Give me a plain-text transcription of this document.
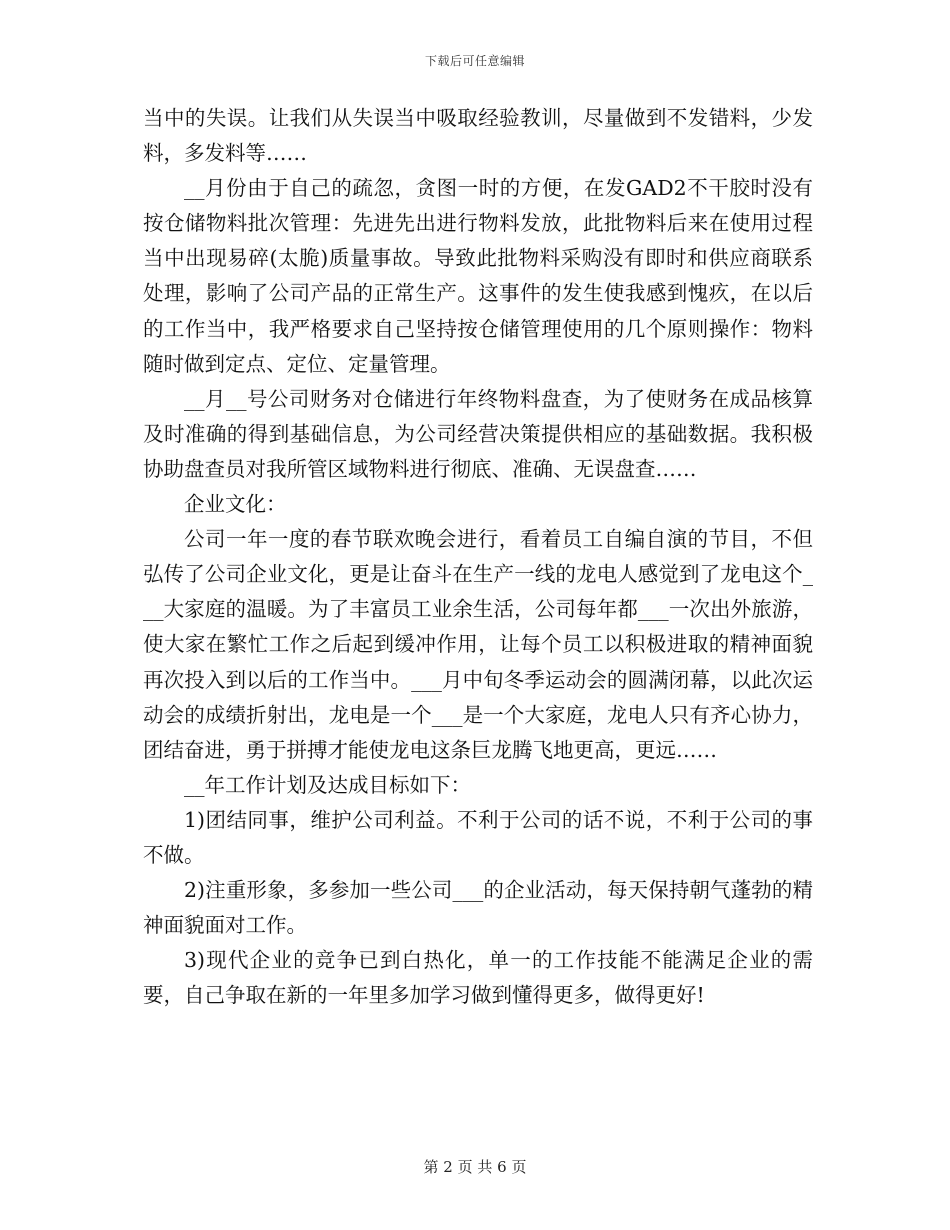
下载后可任意编辑

当中的失误。让我们从失误当中吸取经验教训，尽量做到不发错料，少发料，多发料等……

__月份由于自己的疏忽，贪图一时的方便，在发GAD2不干胶时没有按仓储物料批次管理：先进先出进行物料发放，此批物料后来在使用过程当中出现易碎(太脆)质量事故。导致此批物料采购没有即时和供应商联系处理，影响了公司产品的正常生产。这事件的发生使我感到愧疚，在以后的工作当中，我严格要求自己坚持按仓储管理使用的几个原则操作：物料随时做到定点、定位、定量管理。

__月__号公司财务对仓储进行年终物料盘查，为了使财务在成品核算及时准确的得到基础信息，为公司经营决策提供相应的基础数据。我积极协助盘查员对我所管区域物料进行彻底、准确、无误盘查……

企业文化：

公司一年一度的春节联欢晚会进行，看着员工自编自演的节目，不但弘传了公司企业文化，更是让奋斗在生产一线的龙电人感觉到了龙电这个___大家庭的温暖。为了丰富员工业余生活，公司每年都___一次出外旅游，使大家在繁忙工作之后起到缓冲作用，让每个员工以积极进取的精神面貌再次投入到以后的工作当中。___月中旬冬季运动会的圆满闭幕，以此次运动会的成绩折射出，龙电是一个___是一个大家庭，龙电人只有齐心协力，团结奋进，勇于拼搏才能使龙电这条巨龙腾飞地更高，更远……

__年工作计划及达成目标如下：

1)团结同事，维护公司利益。不利于公司的话不说，不利于公司的事不做。

2)注重形象，多参加一些公司___的企业活动，每天保持朝气蓬勃的精神面貌面对工作。

3)现代企业的竞争已到白热化，单一的工作技能不能满足企业的需要，自己争取在新的一年里多加学习做到懂得更多，做得更好!

第 2 页 共 6 页
